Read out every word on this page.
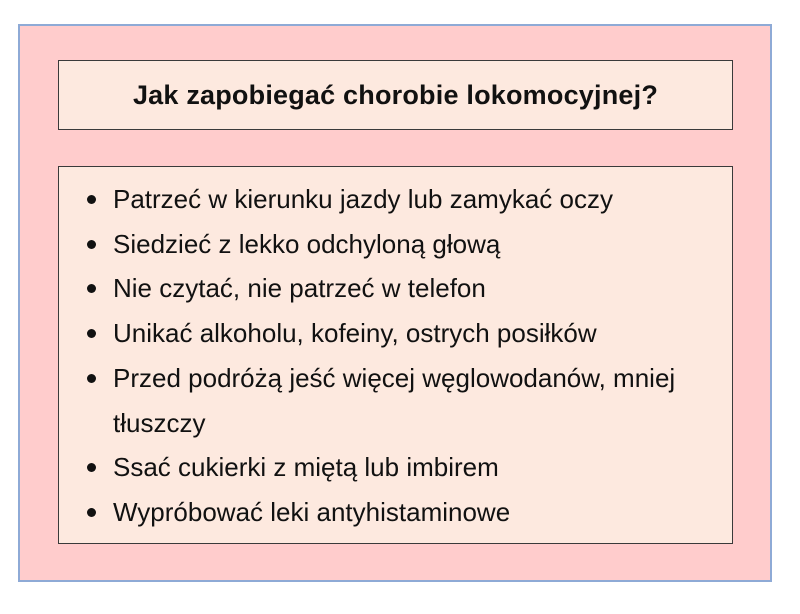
Jak zapobiegać chorobie lokomocyjnej?
Patrzeć w kierunku jazdy lub zamykać oczy
Siedzieć z lekko odchyloną głową
Nie czytać, nie patrzeć w telefon
Unikać alkoholu, kofeiny, ostrych posiłków
Przed podróżą jeść więcej węglowodanów, mniej tłuszczy
Ssać cukierki z miętą lub imbirem
Wypróbować leki antyhistaminowe
